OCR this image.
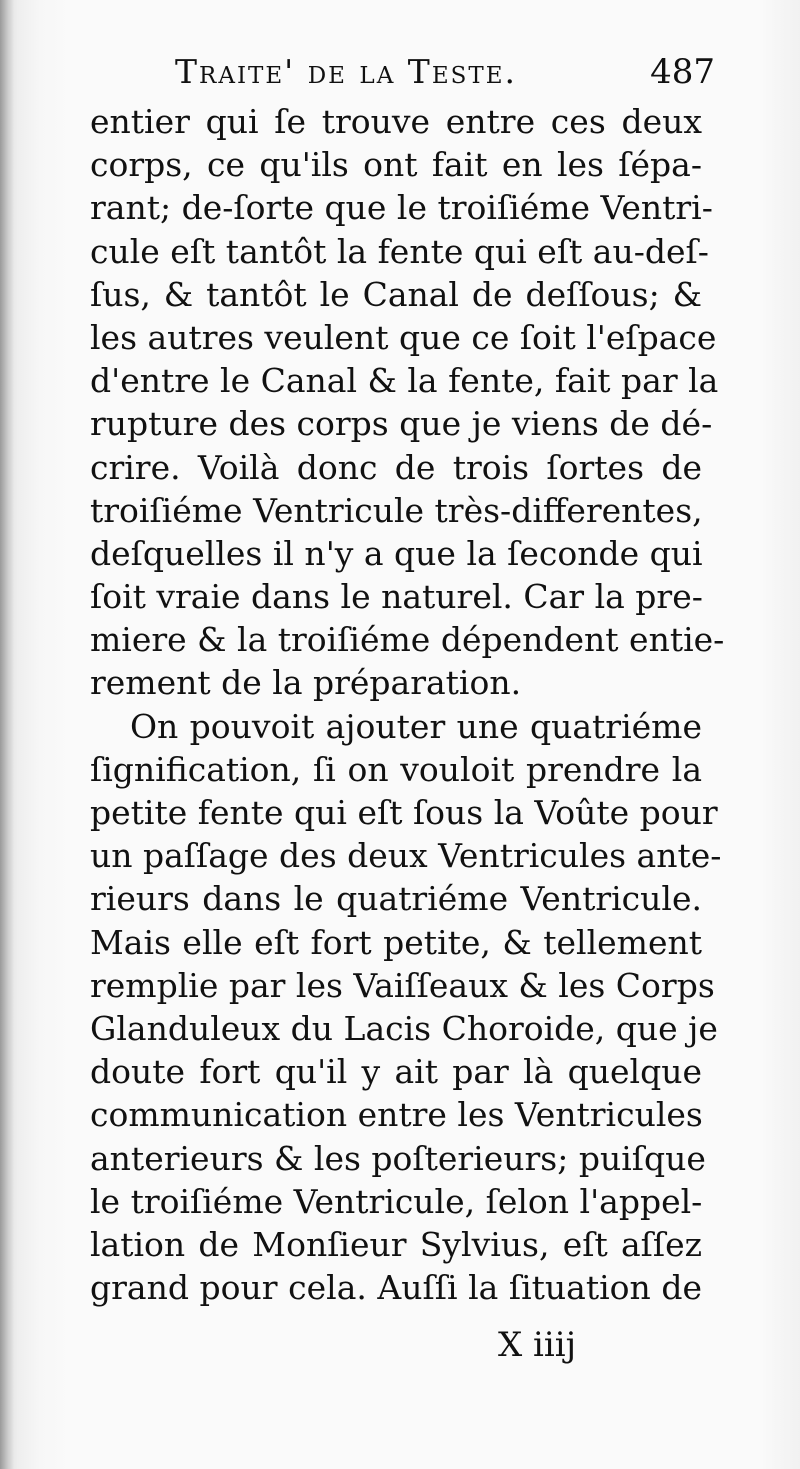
Traite' de la Teste.	487
entier qui ſe trouve entre ces deux
corps, ce qu'ils ont fait en les ſépa-
rant; de-ſorte que le troiſiéme Ventri-
cule eſt tantôt la fente qui eſt au-deſ-
ſus, & tantôt le Canal de deſſous; &
les autres veulent que ce ſoit l'eſpace
d'entre le Canal & la fente, fait par la
rupture des corps que je viens de dé-
crire. Voilà donc de trois ſortes de
troiſiéme Ventricule très-differentes,
deſquelles il n'y a que la ſeconde qui
ſoit vraie dans le naturel. Car la pre-
miere & la troiſiéme dépendent entie-
rement de la préparation.
On pouvoit ajouter une quatriéme
ſignification, ſi on vouloit prendre la
petite fente qui eſt ſous la Voûte pour
un paſſage des deux Ventricules ante-
rieurs dans le quatriéme Ventricule.
Mais elle eſt fort petite, & tellement
remplie par les Vaiſſeaux & les Corps
Glanduleux du Lacis Choroide, que je
doute fort qu'il y ait par là quelque
communication entre les Ventricules
anterieurs & les poſterieurs; puiſque
le troiſiéme Ventricule, ſelon l'appel-
lation de Monſieur Sylvius, eſt aſſez
grand pour cela. Auſſi la ſituation de
X iiij
